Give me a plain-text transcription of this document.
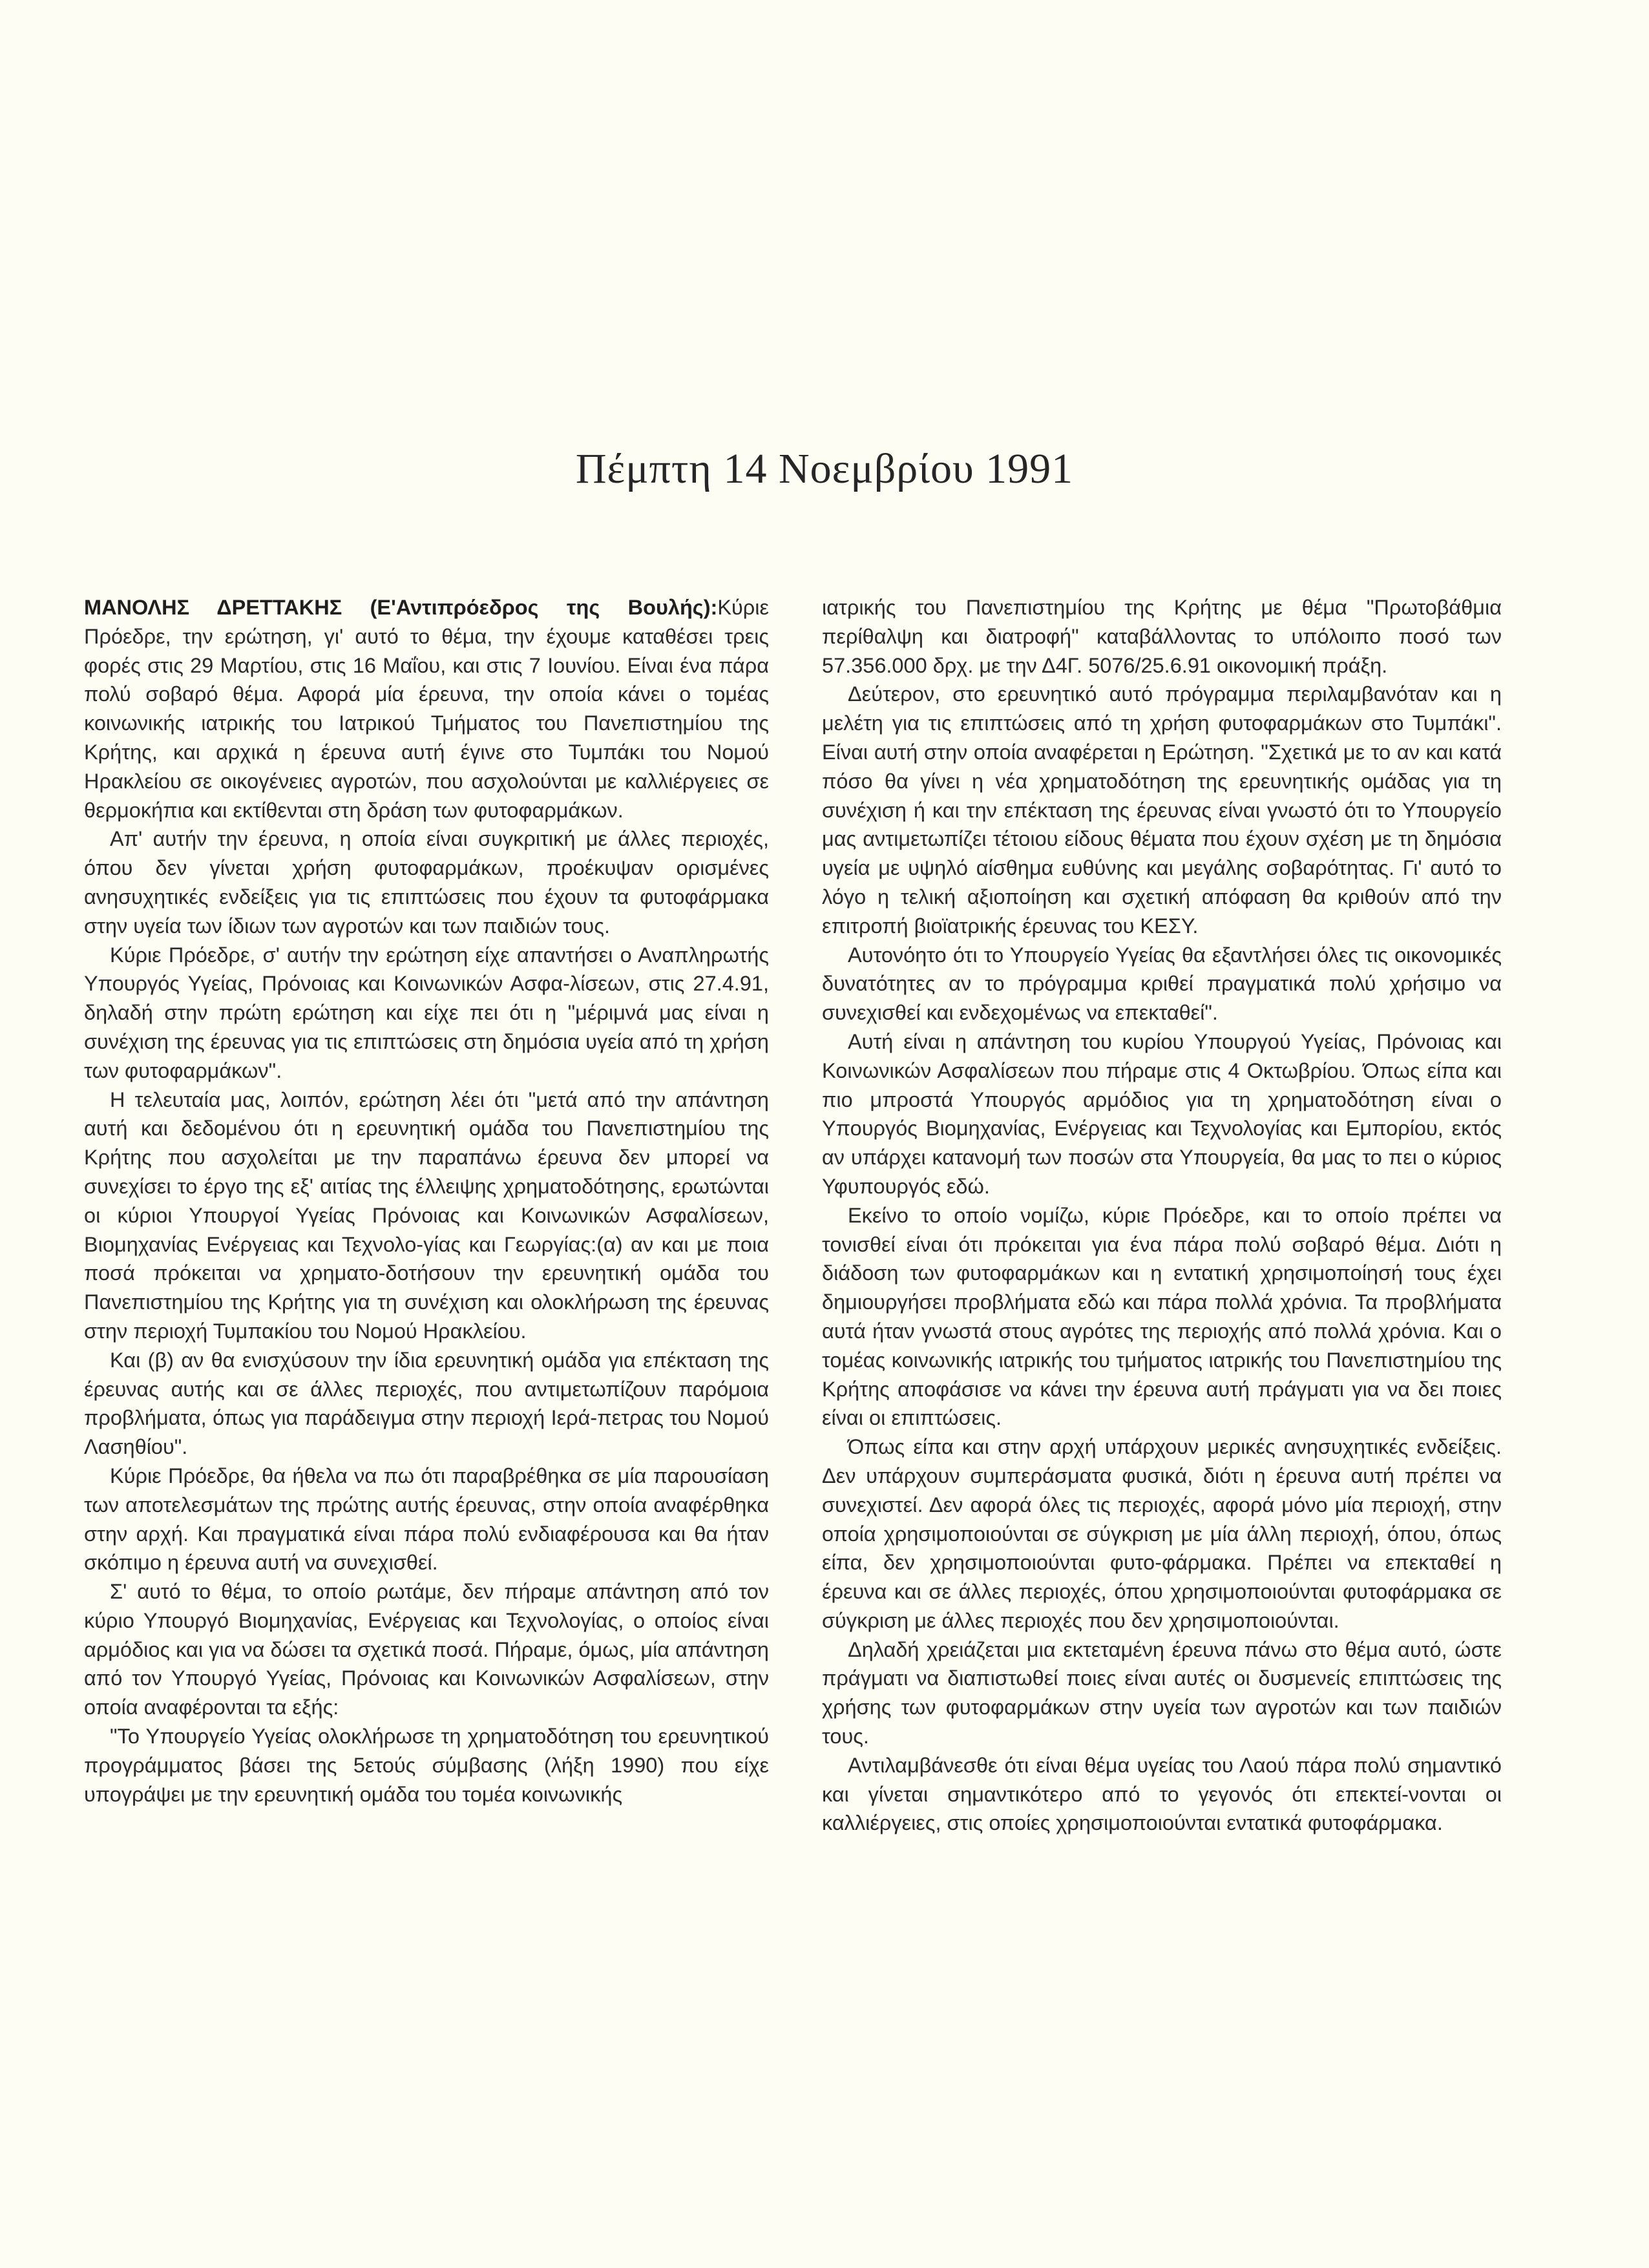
Πέμπτη 14 Νοεμβρίου 1991

ΜΑΝΟΛΗΣ ΔΡΕΤΤΑΚΗΣ (Ε'Αντιπρόεδρος της Βουλής):Κύριε Πρόεδρε, την ερώτηση, γι' αυτό το θέμα, την έχουμε καταθέσει τρεις φορές στις 29 Μαρτίου, στις 16 Μαΐου, και στις 7 Ιουνίου. Είναι ένα πάρα πολύ σοβαρό θέμα. Αφορά μία έρευνα, την οποία κάνει ο τομέας κοινωνικής ιατρικής του Ιατρικού Τμήματος του Πανεπιστημίου της Κρήτης, και αρχικά η έρευνα αυτή έγινε στο Τυμπάκι του Νομού Ηρακλείου σε οικογένειες αγροτών, που ασχολούνται με καλλιέργειες σε θερμοκήπια και εκτίθενται στη δράση των φυτοφαρμάκων.

Απ' αυτήν την έρευνα, η οποία είναι συγκριτική με άλλες περιοχές, όπου δεν γίνεται χρήση φυτοφαρμάκων, προέκυψαν ορισμένες ανησυχητικές ενδείξεις για τις επιπτώσεις που έχουν τα φυτοφάρμακα στην υγεία των ίδιων των αγροτών και των παιδιών τους.

Κύριε Πρόεδρε, σ' αυτήν την ερώτηση είχε απαντήσει ο Αναπληρωτής Υπουργός Υγείας, Πρόνοιας και Κοινωνικών Ασφα-λίσεων, στις 27.4.91, δηλαδή στην πρώτη ερώτηση και είχε πει ότι η "μέριμνά μας είναι η συνέχιση της έρευνας για τις επιπτώσεις στη δημόσια υγεία από τη χρήση των φυτοφαρμάκων".

Η τελευταία μας, λοιπόν, ερώτηση λέει ότι "μετά από την απάντηση αυτή και δεδομένου ότι η ερευνητική ομάδα του Πανεπιστημίου της Κρήτης που ασχολείται με την παραπάνω έρευνα δεν μπορεί να συνεχίσει το έργο της εξ' αιτίας της έλλειψης χρηματοδότησης, ερωτώνται οι κύριοι Υπουργοί Υγείας Πρόνοιας και Κοινωνικών Ασφαλίσεων, Βιομηχανίας Ενέργειας και Τεχνολο-γίας και Γεωργίας:(α) αν και με ποια ποσά πρόκειται να χρηματο-δοτήσουν την ερευνητική ομάδα του Πανεπιστημίου της Κρήτης για τη συνέχιση και ολοκλήρωση της έρευνας στην περιοχή Τυμπακίου του Νομού Ηρακλείου.

Και (β) αν θα ενισχύσουν την ίδια ερευνητική ομάδα για επέκταση της έρευνας αυτής και σε άλλες περιοχές, που αντιμετωπίζουν παρόμοια προβλήματα, όπως για παράδειγμα στην περιοχή Ιερά-πετρας του Νομού Λασηθίου".

Κύριε Πρόεδρε, θα ήθελα να πω ότι παραβρέθηκα σε μία παρουσίαση των αποτελεσμάτων της πρώτης αυτής έρευνας, στην οποία αναφέρθηκα στην αρχή. Και πραγματικά είναι πάρα πολύ ενδιαφέρουσα και θα ήταν σκόπιμο η έρευνα αυτή να συνεχισθεί.

Σ' αυτό το θέμα, το οποίο ρωτάμε, δεν πήραμε απάντηση από τον κύριο Υπουργό Βιομηχανίας, Ενέργειας και Τεχνολογίας, ο οποίος είναι αρμόδιος και για να δώσει τα σχετικά ποσά. Πήραμε, όμως, μία απάντηση από τον Υπουργό Υγείας, Πρόνοιας και Κοινωνικών Ασφαλίσεων, στην οποία αναφέρονται τα εξής:

"Το Υπουργείο Υγείας ολοκλήρωσε τη χρηματοδότηση του ερευνητικού προγράμματος βάσει της 5ετούς σύμβασης (λήξη 1990) που είχε υπογράψει με την ερευνητική ομάδα του τομέα κοινωνικής

ιατρικής του Πανεπιστημίου της Κρήτης με θέμα "Πρωτοβάθμια περίθαλψη και διατροφή" καταβάλλοντας το υπόλοιπο ποσό των 57.356.000 δρχ. με την Δ4Γ. 5076/25.6.91 οικονομική πράξη.

Δεύτερον, στο ερευνητικό αυτό πρόγραμμα περιλαμβανόταν και η μελέτη για τις επιπτώσεις από τη χρήση φυτοφαρμάκων στο Τυμπάκι". Είναι αυτή στην οποία αναφέρεται η Ερώτηση. "Σχετικά με το αν και κατά πόσο θα γίνει η νέα χρηματοδότηση της ερευνητικής ομάδας για τη συνέχιση ή και την επέκταση της έρευνας είναι γνωστό ότι το Υπουργείο μας αντιμετωπίζει τέτοιου είδους θέματα που έχουν σχέση με τη δημόσια υγεία με υψηλό αίσθημα ευθύνης και μεγάλης σοβαρότητας. Γι' αυτό το λόγο η τελική αξιοποίηση και σχετική απόφαση θα κριθούν από την επιτροπή βιοϊατρικής έρευνας του ΚΕΣΥ.

Αυτονόητο ότι το Υπουργείο Υγείας θα εξαντλήσει όλες τις οικονομικές δυνατότητες αν το πρόγραμμα κριθεί πραγματικά πολύ χρήσιμο να συνεχισθεί και ενδεχομένως να επεκταθεί".

Αυτή είναι η απάντηση του κυρίου Υπουργού Υγείας, Πρόνοιας και Κοινωνικών Ασφαλίσεων που πήραμε στις 4 Οκτωβρίου. Όπως είπα και πιο μπροστά Υπουργός αρμόδιος για τη χρηματοδότηση είναι ο Υπουργός Βιομηχανίας, Ενέργειας και Τεχνολογίας και Εμπορίου, εκτός αν υπάρχει κατανομή των ποσών στα Υπουργεία, θα μας το πει ο κύριος Υφυπουργός εδώ.

Εκείνο το οποίο νομίζω, κύριε Πρόεδρε, και το οποίο πρέπει να τονισθεί είναι ότι πρόκειται για ένα πάρα πολύ σοβαρό θέμα. Διότι η διάδοση των φυτοφαρμάκων και η εντατική χρησιμοποίησή τους έχει δημιουργήσει προβλήματα εδώ και πάρα πολλά χρόνια. Τα προβλήματα αυτά ήταν γνωστά στους αγρότες της περιοχής από πολλά χρόνια. Και ο τομέας κοινωνικής ιατρικής του τμήματος ιατρικής του Πανεπιστημίου της Κρήτης αποφάσισε να κάνει την έρευνα αυτή πράγματι για να δει ποιες είναι οι επιπτώσεις.

Όπως είπα και στην αρχή υπάρχουν μερικές ανησυχητικές ενδείξεις. Δεν υπάρχουν συμπεράσματα φυσικά, διότι η έρευνα αυτή πρέπει να συνεχιστεί. Δεν αφορά όλες τις περιοχές, αφορά μόνο μία περιοχή, στην οποία χρησιμοποιούνται σε σύγκριση με μία άλλη περιοχή, όπου, όπως είπα, δεν χρησιμοποιούνται φυτο-φάρμακα. Πρέπει να επεκταθεί η έρευνα και σε άλλες περιοχές, όπου χρησιμοποιούνται φυτοφάρμακα σε σύγκριση με άλλες περιοχές που δεν χρησιμοποιούνται.

Δηλαδή χρειάζεται μια εκτεταμένη έρευνα πάνω στο θέμα αυτό, ώστε πράγματι να διαπιστωθεί ποιες είναι αυτές οι δυσμενείς επιπτώσεις της χρήσης των φυτοφαρμάκων στην υγεία των αγροτών και των παιδιών τους.

Αντιλαμβάνεσθε ότι είναι θέμα υγείας του Λαού πάρα πολύ σημαντικό και γίνεται σημαντικότερο από το γεγονός ότι επεκτεί-νονται οι καλλιέργειες, στις οποίες χρησιμοποιούνται εντατικά φυτοφάρμακα.
